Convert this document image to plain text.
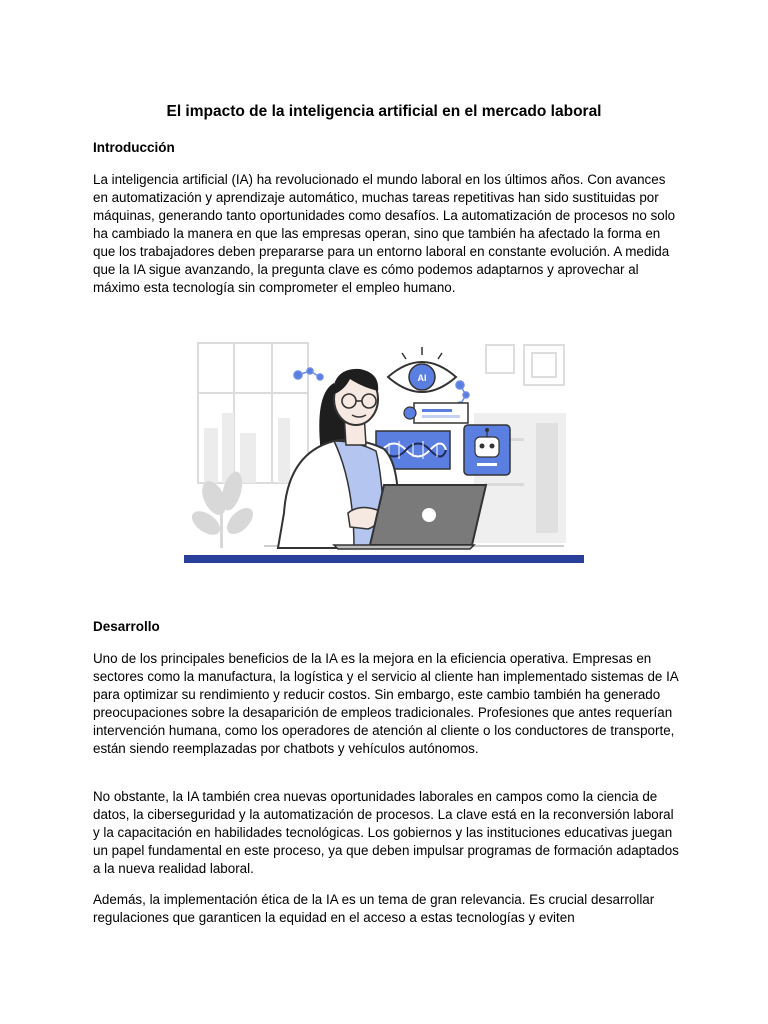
El impacto de la inteligencia artificial en el mercado laboral
Introducción

La inteligencia artificial (IA) ha revolucionado el mundo laboral en los últimos años. Con avances en automatización y aprendizaje automático, muchas tareas repetitivas han sido sustituidas por máquinas, generando tanto oportunidades como desafíos. La automatización de procesos no solo ha cambiado la manera en que las empresas operan, sino que también ha afectado la forma en que los trabajadores deben prepararse para un entorno laboral en constante evolución. A medida que la IA sigue avanzando, la pregunta clave es cómo podemos adaptarnos y aprovechar al máximo esta tecnología sin comprometer el empleo humano.

AI
Desarrollo

Uno de los principales beneficios de la IA es la mejora en la eficiencia operativa. Empresas en sectores como la manufactura, la logística y el servicio al cliente han implementado sistemas de IA para optimizar su rendimiento y reducir costos. Sin embargo, este cambio también ha generado preocupaciones sobre la desaparición de empleos tradicionales. Profesiones que antes requerían intervención humana, como los operadores de atención al cliente o los conductores de transporte, están siendo reemplazadas por chatbots y vehículos autónomos.

No obstante, la IA también crea nuevas oportunidades laborales en campos como la ciencia de datos, la ciberseguridad y la automatización de procesos. La clave está en la reconversión laboral y la capacitación en habilidades tecnológicas. Los gobiernos y las instituciones educativas juegan un papel fundamental en este proceso, ya que deben impulsar programas de formación adaptados a la nueva realidad laboral.

Además, la implementación ética de la IA es un tema de gran relevancia. Es crucial desarrollar regulaciones que garanticen la equidad en el acceso a estas tecnologías y eviten
